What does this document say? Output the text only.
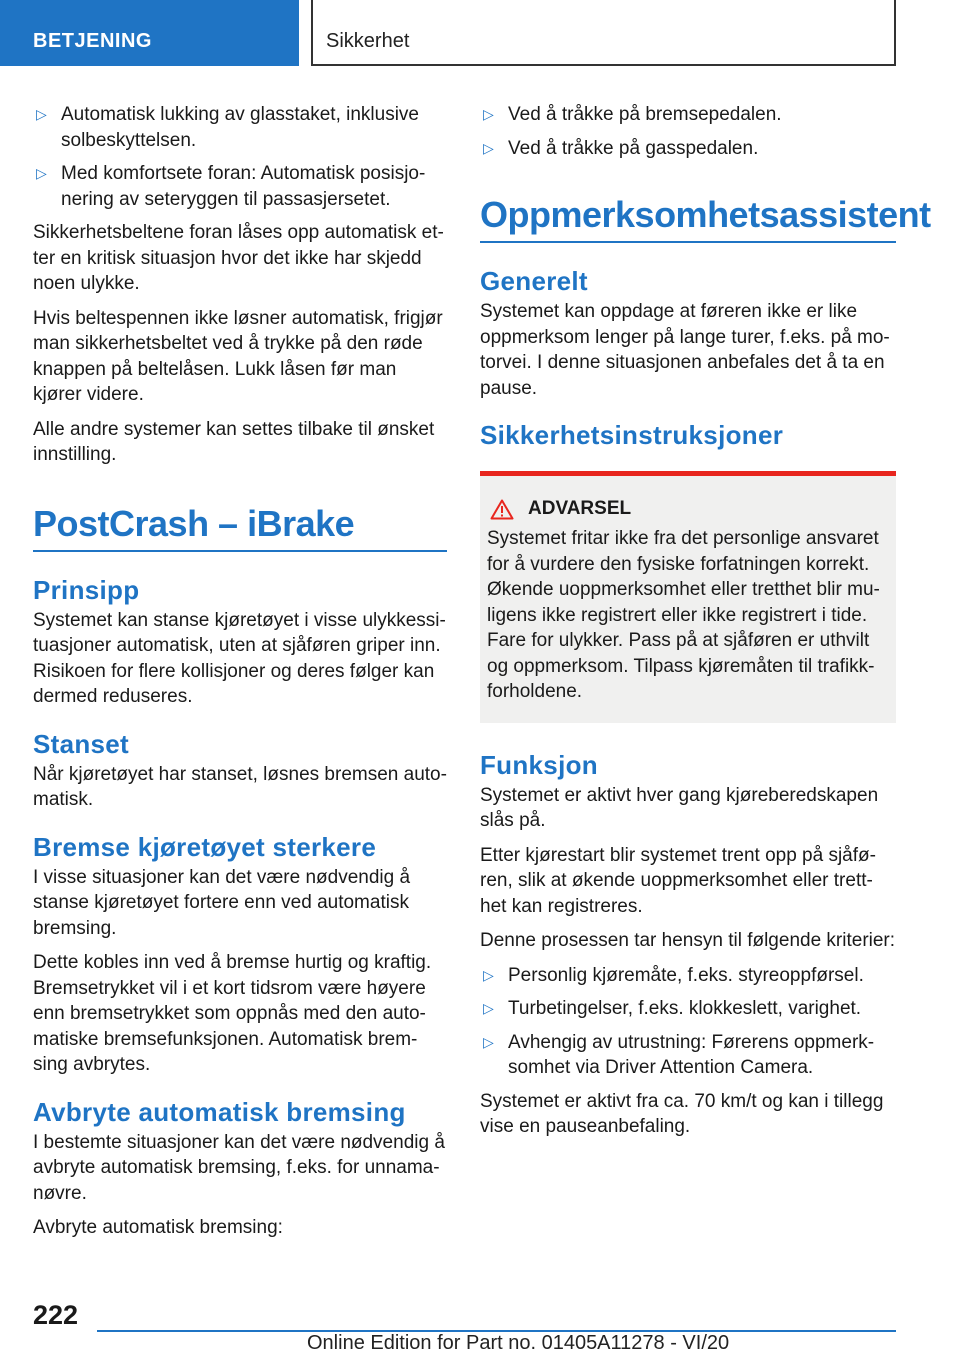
BETJENING	Sikkerhet
▷ Automatisk lukking av glasstaket, inklusive solbeskyttelsen.
▷ Med komfortsete foran: Automatisk posisjo‐ nering av seteryggen til passasjersetet.
Sikkerhetsbeltene foran låses opp automatisk et‐ ter en kritisk situasjon hvor det ikke har skjedd noen ulykke.
Hvis beltespennen ikke løsner automatisk, frigjør man sikkerhetsbeltet ved å trykke på den røde knappen på beltelåsen. Lukk låsen før man kjører videre.
Alle andre systemer kan settes tilbake til ønsket innstilling.
PostCrash – iBrake
Prinsipp
Systemet kan stanse kjøretøyet i visse ulykkessi‐ tuasjoner automatisk, uten at sjåføren griper inn. Risikoen for flere kollisjoner og deres følger kan dermed reduseres.
Stanset
Når kjøretøyet har stanset, løsnes bremsen auto‐ matisk.
Bremse kjøretøyet sterkere
I visse situasjoner kan det være nødvendig å stanse kjøretøyet fortere enn ved automatisk bremsing.
Dette kobles inn ved å bremse hurtig og kraftig. Bremsetrykket vil i et kort tidsrom være høyere enn bremsetrykket som oppnås med den auto‐ matiske bremsefunksjonen. Automatisk brem‐ sing avbrytes.
Avbryte automatisk bremsing
I bestemte situasjoner kan det være nødvendig å avbryte automatisk bremsing, f.eks. for unnama‐ nøvre.
Avbryte automatisk bremsing:
▷ Ved å tråkke på bremsepedalen.
▷ Ved å tråkke på gasspedalen.
Oppmerksomhetsassistent
Generelt
Systemet kan oppdage at føreren ikke er like oppmerksom lenger på lange turer, f.eks. på mo‐ torvei. I denne situasjonen anbefales det å ta en pause.
Sikkerhetsinstruksjoner
ADVARSEL
Systemet fritar ikke fra det personlige ansvaret for å vurdere den fysiske forfatningen korrekt. Økende uoppmerksomhet eller tretthet blir mu‐ ligens ikke registrert eller ikke registrert i tide. Fare for ulykker. Pass på at sjåføren er uthvilt og oppmerksom. Tilpass kjøremåten til trafikk‐ forholdene.
Funksjon
Systemet er aktivt hver gang kjøreberedskapen slås på.
Etter kjørestart blir systemet trent opp på sjåfø‐ ren, slik at økende uoppmerksomhet eller trett‐ het kan registreres.
Denne prosessen tar hensyn til følgende kriterier:
▷ Personlig kjøremåte, f.eks. styreoppførsel.
▷ Turbetingelser, f.eks. klokkeslett, varighet.
▷ Avhengig av utrustning: Førerens oppmerk‐ somhet via Driver Attention Camera.
Systemet er aktivt fra ca. 70 km/t og kan i tillegg vise en pauseanbefaling.
222
Online Edition for Part no. 01405A11278 - VI/20
